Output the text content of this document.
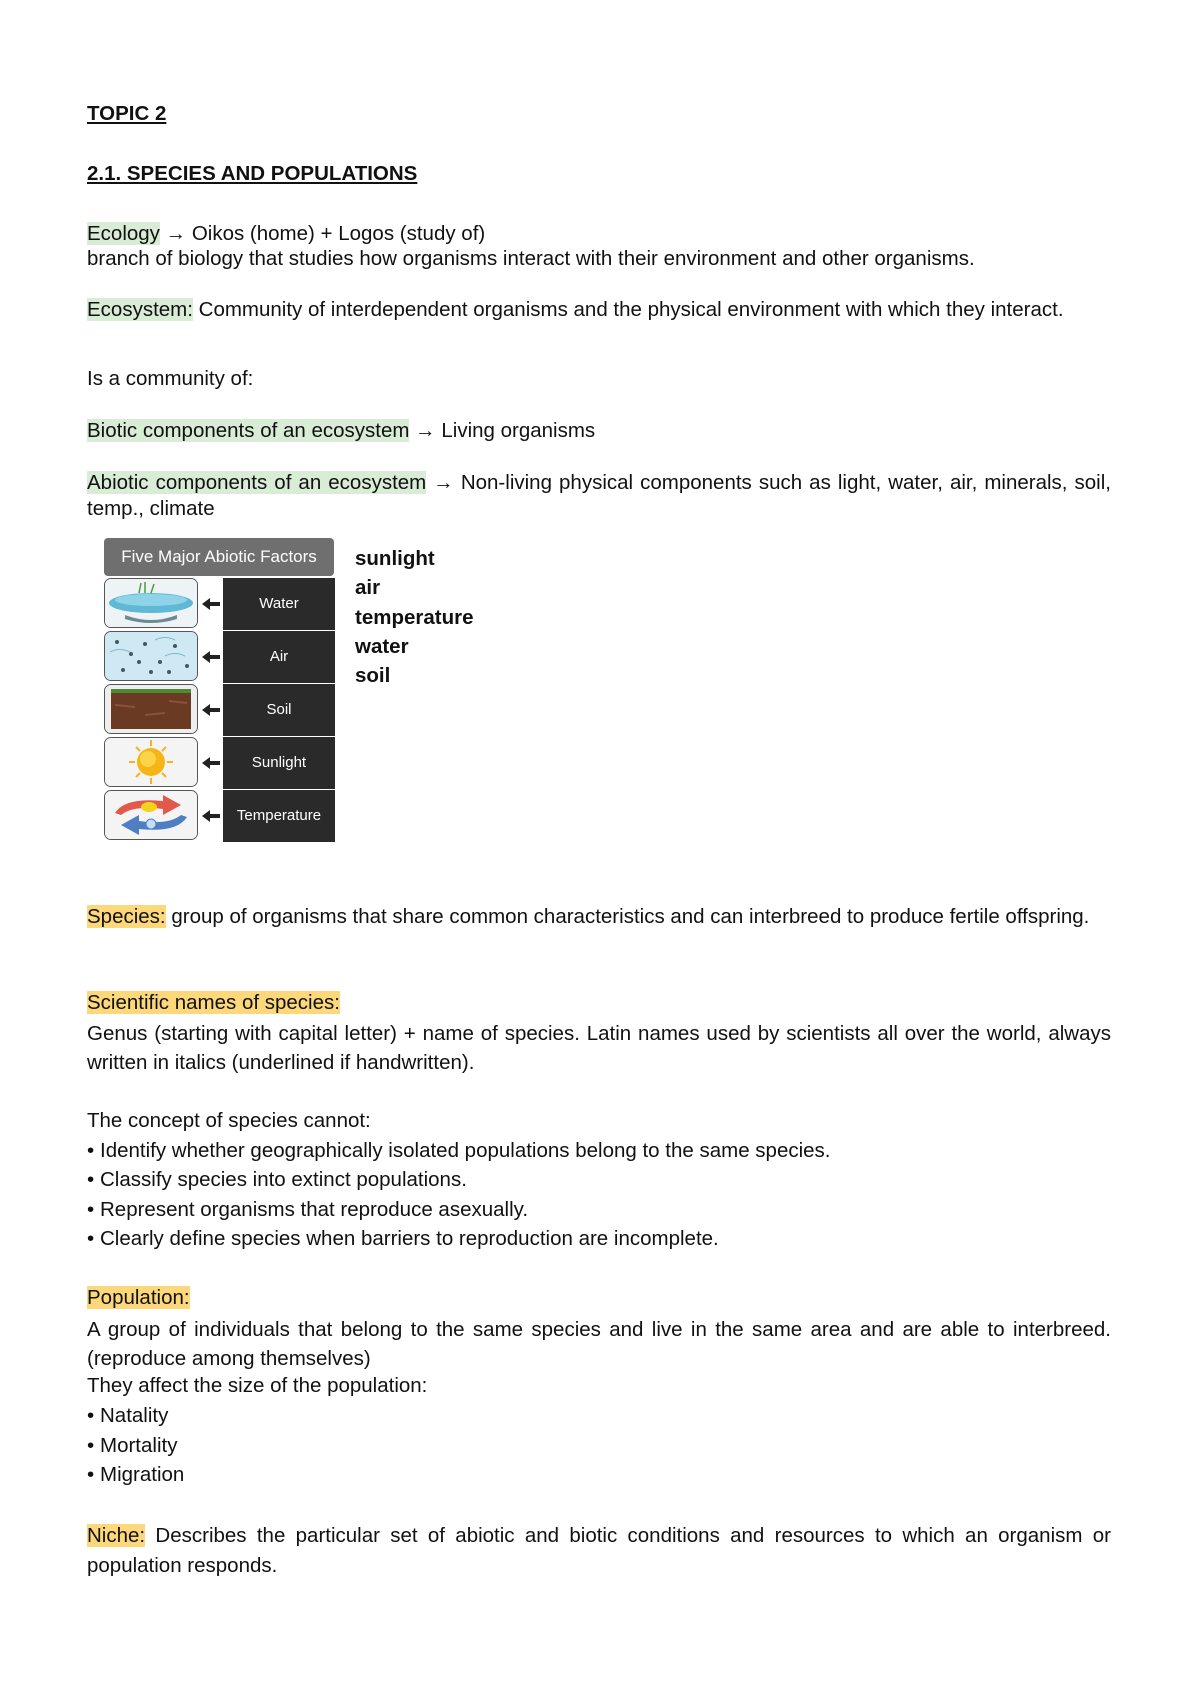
TOPIC 2
2.1. SPECIES AND POPULATIONS
Ecology → Oikos (home) + Logos (study of)
branch of biology that studies how organisms interact with their environment and other organisms.
Ecosystem: Community of interdependent organisms and the physical environment with which they interact.
Is a community of:
Biotic components of an ecosystem → Living organisms
Abiotic components of an ecosystem → Non-living physical components such as light, water, air, minerals, soil, temp., climate
Species: group of organisms that share common characteristics and can interbreed to produce fertile offspring.
Scientific names of species:
Genus (starting with capital letter) + name of species. Latin names used by scientists all over the world, always written in italics (underlined if handwritten).
The concept of species cannot:
• Identify whether geographically isolated populations belong to the same species.
• Classify species into extinct populations.
• Represent organisms that reproduce asexually.
• Clearly define species when barriers to reproduction are incomplete.
Population:
A group of individuals that belong to the same species and live in the same area and are able to interbreed. (reproduce among themselves)
They affect the size of the population:
• Natality
• Mortality
• Migration
Niche: Describes the particular set of abiotic and biotic conditions and resources to which an organism or population responds.
Five Major Abiotic Factors
Water
Air
Soil
Sunlight
Temperature
sunlight
air
temperature
water
soil
